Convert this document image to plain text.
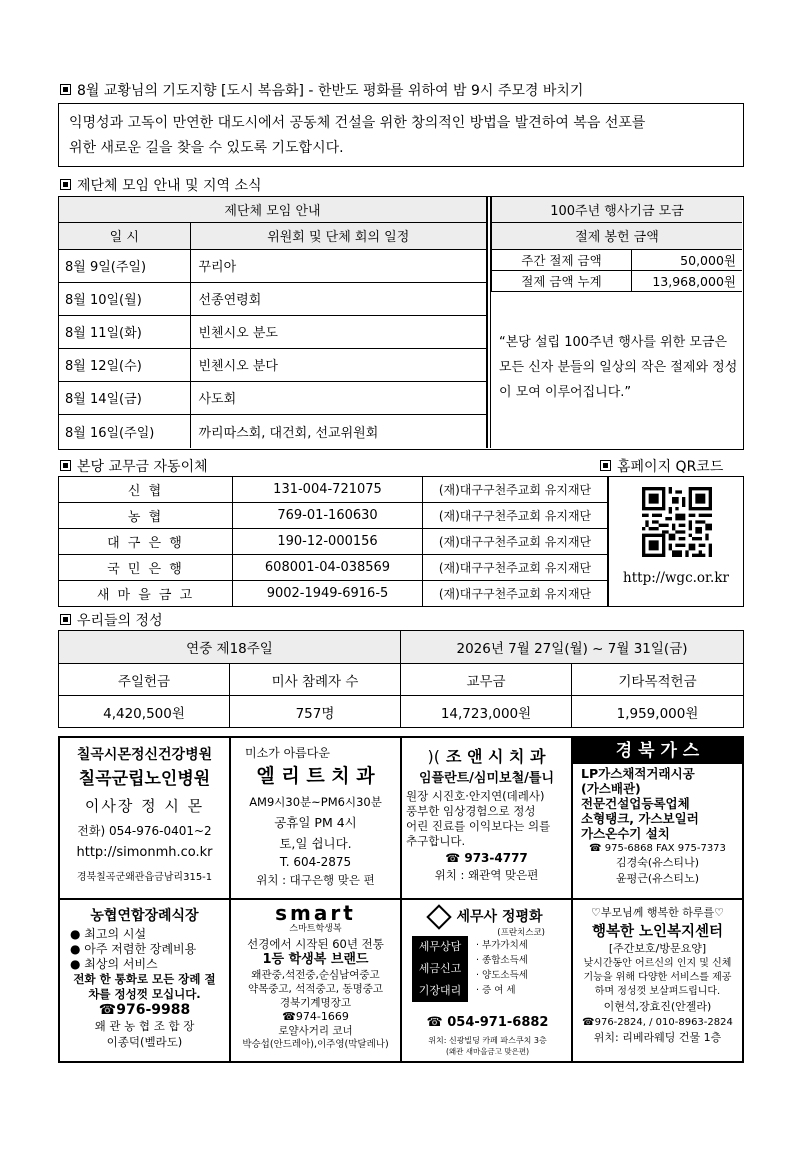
8월 교황님의 기도지향 [도시 복음화] - 한반도 평화를 위하여 밤 9시 주모경 바치기
익명성과 고독이 만연한 대도시에서 공동체 건설을 위한 창의적인 방법을 발견하여 복음 선포를
위한 새로운 길을 찾을 수 있도록 기도합시다.
제단체 모임 안내 및 지역 소식
제단체 모임 안내	
일 시	위원회 및 단체 회의 일정
8월 9일(주일)	꾸리아
8월 10일(월)	선종연령회
8월 11일(화)	빈첸시오 분도
8월 12일(수)	빈첸시오 분다
8월 14일(금)	사도회
8월 16일(주일)	까리따스회, 대건회, 선교위원회
100주년 행사기금 모금	
절제 봉헌 금액	
주간 절제 금액	50,000원
절제 금액 누계	13,968,000원
“본당 설립 100주년 행사를 위한 모금은 모든 신자 분들의 일상의 작은 절제와 정성이 모여 이루어집니다.”
본당 교무금 자동이체	홈페이지 QR코드
신 협	131-004-721075	(재)대구구천주교회 유지재단
농 협	769-01-160630	(재)대구구천주교회 유지재단
대 구 은 행	190-12-000156	(재)대구구천주교회 유지재단
국 민 은 행	608001-04-038569	(재)대구구천주교회 유지재단
새 마 을 금 고	9002-1949-6916-5	(재)대구구천주교회 유지재단
http://wgc.or.kr
우리들의 정성
연중 제18주일		2026년 7월 27일(월) ~ 7월 31일(금)	
주일헌금	미사 참례자 수	교무금	기타목적헌금
4,420,500원	757명	14,723,000원	1,959,000원
칠곡시몬정신건강병원
칠곡군립노인병원
이사장 정 시 몬
전화) 054-976-0401~2
http://simonmh.co.kr
경북칠곡군왜관읍금남리315-1
미소가 아름다운
엘 리 트 치 과
AM9시30분~PM6시30분
공휴일 PM 4시
토,일 쉽니다.
T. 604-2875
위치 : 대구은행 맞은 편
)( 조 앤 시 치 과
임플란트/심미보철/틀니
원장 시진호·안지연(데레사)
풍부한 임상경험으로 정성
어린 진료를 이익보다는 의를
추구합니다.
☎ 973-4777
위치 : 왜관역 맞은편
경 북 가 스
LP가스채적거래시공
(가스배관)
전문건설업등록업체
소형탱크, 가스보일러
가스온수기 설치
☎ 975-6868 FAX 975-7373
김경숙(유스티나)
윤평근(유스티노)
농협연합장례식장
● 최고의 시설
● 아주 저렴한 장례비용
● 최상의 서비스
전화 한 통화로 모든 장례 절
차를 정성껏 모십니다.
☎976-9988
왜 관 농 협 조 합 장
이종덕(벨라도)
smart
스마트학생복
선경에서 시작된 60년 전통
1등 학생복 브랜드
왜관중,석전중,순심남여중고
약목중고, 석적중고, 동명중고
경북기계명장고
☎974-1669
로얄사거리 코너
박승섭(안드레아),이주영(막달레나)
세무사 정평화
(프란치스코)
세무상담
세금신고
기장대리
· 부가가치세
· 종합소득세
· 양도소득세
· 증 여 세
☎ 054-971-6882
위치: 신광빌딩 카페 파스쿠치 3층
(왜관 새마을금고 맞은편)
♡부모님께 행복한 하루를♡
행복한 노인복지센터
[주간보호/방문요양]
낮시간동안 어르신의 인지 및 신체
기능을 위해 다양한 서비스를 제공
하며 정성껏 보살펴드립니다.
이현석,장효진(안젤라)
☎976-2824, / 010-8963-2824
위치: 리베라웨딩 건물 1층
